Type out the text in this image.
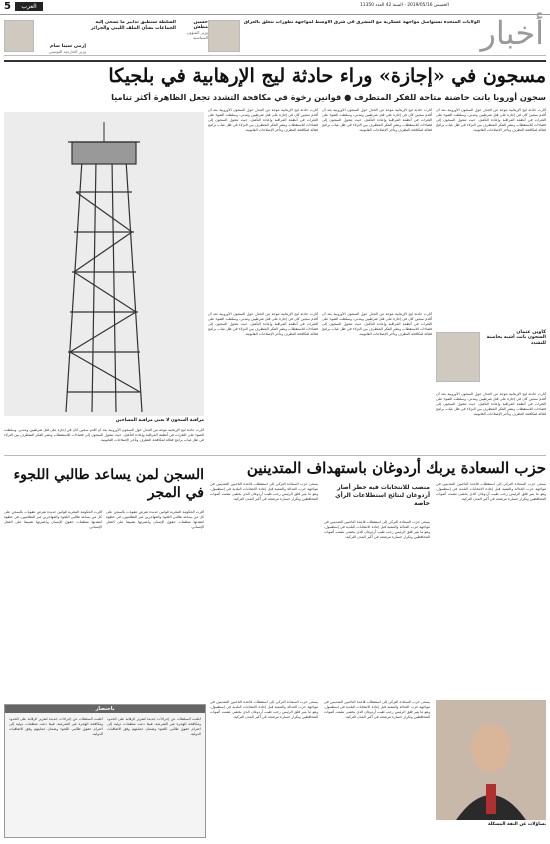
5	العرب	الخميس 2019/05/16 - السنة 42 العدد 11350
أخبار
إرمي سينا سام
وزير الخارجية التونسي
السلطة ستطبق تدابير ما تسعى إليه الجماعات بشأن الملف الليبي والجزائر
حسين مطش
وزير الشؤون السياسية
الولايات المتحدة تستواصل مواجهة عسكرية مع المشرق في شرق الأوسط لمواجهة تطورات تتعلق بالعراق
مسجون في «إجازة» وراء حادثة ليج الإرهابية في بلجيكا
سجون أوروبا باتت حاضنة متاحة للفكر المتطرف ● قوانين رخوة في مكافحة التشدد تجعل الظاهرة أكثر تناميا
أثارت حادثة ليج الإرهابية موجة من الجدل حول السجون الأوروبية بعد أن أقدم سجين كان في إجازة على قتل شرطيين ومدني، وسلطت الضوء على الثغرات في أنظمة المراقبة وإعادة التأهيل، حيث تتحول السجون إلى فضاءات للاستقطاب ونشر الفكر المتطرف بين النزلاء في ظل غياب برامج فعالة لمكافحة التطرف وتأخر الإصلاحات القانونية.
أثارت حادثة ليج الإرهابية موجة من الجدل حول السجون الأوروبية بعد أن أقدم سجين كان في إجازة على قتل شرطيين ومدني، وسلطت الضوء على الثغرات في أنظمة المراقبة وإعادة التأهيل، حيث تتحول السجون إلى فضاءات للاستقطاب ونشر الفكر المتطرف بين النزلاء في ظل غياب برامج فعالة لمكافحة التطرف وتأخر الإصلاحات القانونية.
أثارت حادثة ليج الإرهابية موجة من الجدل حول السجون الأوروبية بعد أن أقدم سجين كان في إجازة على قتل شرطيين ومدني، وسلطت الضوء على الثغرات في أنظمة المراقبة وإعادة التأهيل، حيث تتحول السجون إلى فضاءات للاستقطاب ونشر الفكر المتطرف بين النزلاء في ظل غياب برامج فعالة لمكافحة التطرف وتأخر الإصلاحات القانونية.
كاوين عثمان
السجون باتت أشبه بحاضنة للتشدد
أثارت حادثة ليج الإرهابية موجة من الجدل حول السجون الأوروبية بعد أن أقدم سجين كان في إجازة على قتل شرطيين ومدني، وسلطت الضوء على الثغرات في أنظمة المراقبة وإعادة التأهيل، حيث تتحول السجون إلى فضاءات للاستقطاب ونشر الفكر المتطرف بين النزلاء في ظل غياب برامج فعالة لمكافحة التطرف وتأخر الإصلاحات القانونية.
أثارت حادثة ليج الإرهابية موجة من الجدل حول السجون الأوروبية بعد أن أقدم سجين كان في إجازة على قتل شرطيين ومدني، وسلطت الضوء على الثغرات في أنظمة المراقبة وإعادة التأهيل، حيث تتحول السجون إلى فضاءات للاستقطاب ونشر الفكر المتطرف بين النزلاء في ظل غياب برامج فعالة لمكافحة التطرف وتأخر الإصلاحات القانونية.
أثارت حادثة ليج الإرهابية موجة من الجدل حول السجون الأوروبية بعد أن أقدم سجين كان في إجازة على قتل شرطيين ومدني، وسلطت الضوء على الثغرات في أنظمة المراقبة وإعادة التأهيل، حيث تتحول السجون إلى فضاءات للاستقطاب ونشر الفكر المتطرف بين النزلاء في ظل غياب برامج فعالة لمكافحة التطرف وتأخر الإصلاحات القانونية.
مراقبة السجون لا تعني مراقبة المساجين
أثارت حادثة ليج الإرهابية موجة من الجدل حول السجون الأوروبية بعد أن أقدم سجين كان في إجازة على قتل شرطيين ومدني، وسلطت الضوء على الثغرات في أنظمة المراقبة وإعادة التأهيل، حيث تتحول السجون إلى فضاءات للاستقطاب ونشر الفكر المتطرف بين النزلاء في ظل غياب برامج فعالة لمكافحة التطرف وتأخر الإصلاحات القانونية.
حزب السعادة يربك أردوغان باستهداف المتدينين
يسعى حزب السعادة التركي إلى استقطاب قاعدة الناخبين المتدينين في مواجهة حزب العدالة والتنمية قبل إعادة الانتخابات البلدية في إسطنبول، وهو ما يثير قلق الرئيس رجب طيب أردوغان الذي يخشى تشتت أصوات المحافظين وتكرار خسارة مرشحه في أكبر المدن التركية.
منصب للانتخابات فيه خطر أصار أردوغان لنتائج استطلاعات الرأي خاصة
يسعى حزب السعادة التركي إلى استقطاب قاعدة الناخبين المتدينين في مواجهة حزب العدالة والتنمية قبل إعادة الانتخابات البلدية في إسطنبول، وهو ما يثير قلق الرئيس رجب طيب أردوغان الذي يخشى تشتت أصوات المحافظين وتكرار خسارة مرشحه في أكبر المدن التركية.
يسعى حزب السعادة التركي إلى استقطاب قاعدة الناخبين المتدينين في مواجهة حزب العدالة والتنمية قبل إعادة الانتخابات البلدية في إسطنبول، وهو ما يثير قلق الرئيس رجب طيب أردوغان الذي يخشى تشتت أصوات المحافظين وتكرار خسارة مرشحه في أكبر المدن التركية.
تساؤلات عن الثقة المشكلة
يسعى حزب السعادة التركي إلى استقطاب قاعدة الناخبين المتدينين في مواجهة حزب العدالة والتنمية قبل إعادة الانتخابات البلدية في إسطنبول، وهو ما يثير قلق الرئيس رجب طيب أردوغان الذي يخشى تشتت أصوات المحافظين وتكرار خسارة مرشحه في أكبر المدن التركية.
يسعى حزب السعادة التركي إلى استقطاب قاعدة الناخبين المتدينين في مواجهة حزب العدالة والتنمية قبل إعادة الانتخابات البلدية في إسطنبول، وهو ما يثير قلق الرئيس رجب طيب أردوغان الذي يخشى تشتت أصوات المحافظين وتكرار خسارة مرشحه في أكبر المدن التركية.
السجن لمن يساعد طالبي اللجوء في المجر
أقرت الحكومة المجرية قوانين جديدة تفرض عقوبات بالسجن على كل من يساعد طالبي اللجوء والمهاجرين غير النظاميين، في خطوة انتقدتها منظمات حقوق الإنسان واعتبرتها تضييقا على العمل الإنساني.
أقرت الحكومة المجرية قوانين جديدة تفرض عقوبات بالسجن على كل من يساعد طالبي اللجوء والمهاجرين غير النظاميين، في خطوة انتقدتها منظمات حقوق الإنسان واعتبرتها تضييقا على العمل الإنساني.
باختصار
أعلنت السلطات عن إجراءات جديدة لتعزيز الرقابة على الحدود ومكافحة الهجرة غير الشرعية، فيما دعت منظمات دولية إلى احترام حقوق طالبي اللجوء وضمان حمايتهم وفق الاتفاقيات الدولية.
أعلنت السلطات عن إجراءات جديدة لتعزيز الرقابة على الحدود ومكافحة الهجرة غير الشرعية، فيما دعت منظمات دولية إلى احترام حقوق طالبي اللجوء وضمان حمايتهم وفق الاتفاقيات الدولية.
